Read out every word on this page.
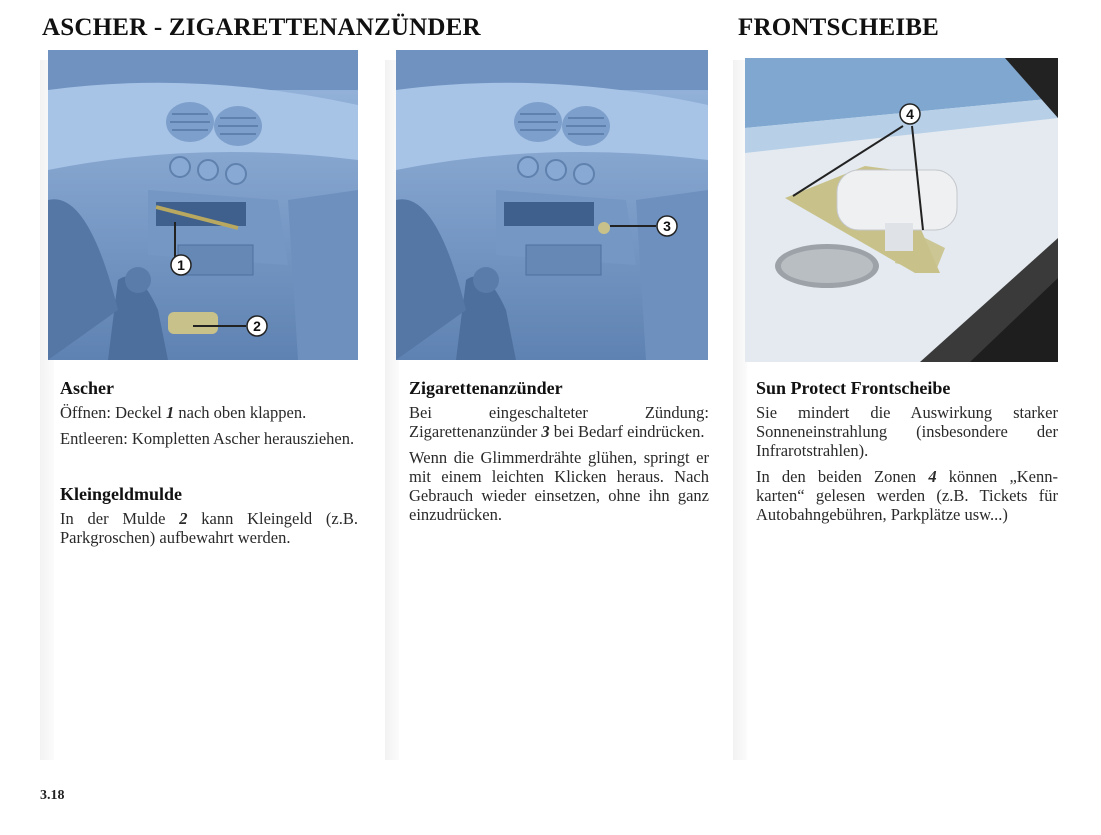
ASCHER - ZIGARETTENANZÜNDER	FRONTSCHEIBE
1
2
3
4
Ascher

Öffnen: Deckel 1 nach oben klappen.

Entleeren: Kompletten Ascher herausziehen.

Kleingeldmulde

In der Mulde 2 kann Kleingeld (z.B. Parkgroschen) aufbewahrt werden.

Zigarettenanzünder

Bei eingeschalteter Zündung: Zigarettenanzünder 3 bei Bedarf eindrücken.

Wenn die Glimmerdrähte glühen, springt er mit einem leichten Klicken heraus. Nach Gebrauch wieder einsetzen, ohne ihn ganz einzudrücken.

Sun Protect Frontscheibe

Sie mindert die Auswirkung starker Sonneneinstrahlung (insbesondere der Infrarotstrahlen).

In den beiden Zonen 4 können „Kenn-karten“ gelesen werden (z.B. Tickets für Autobahngebühren, Parkplätze usw...)

3.18
